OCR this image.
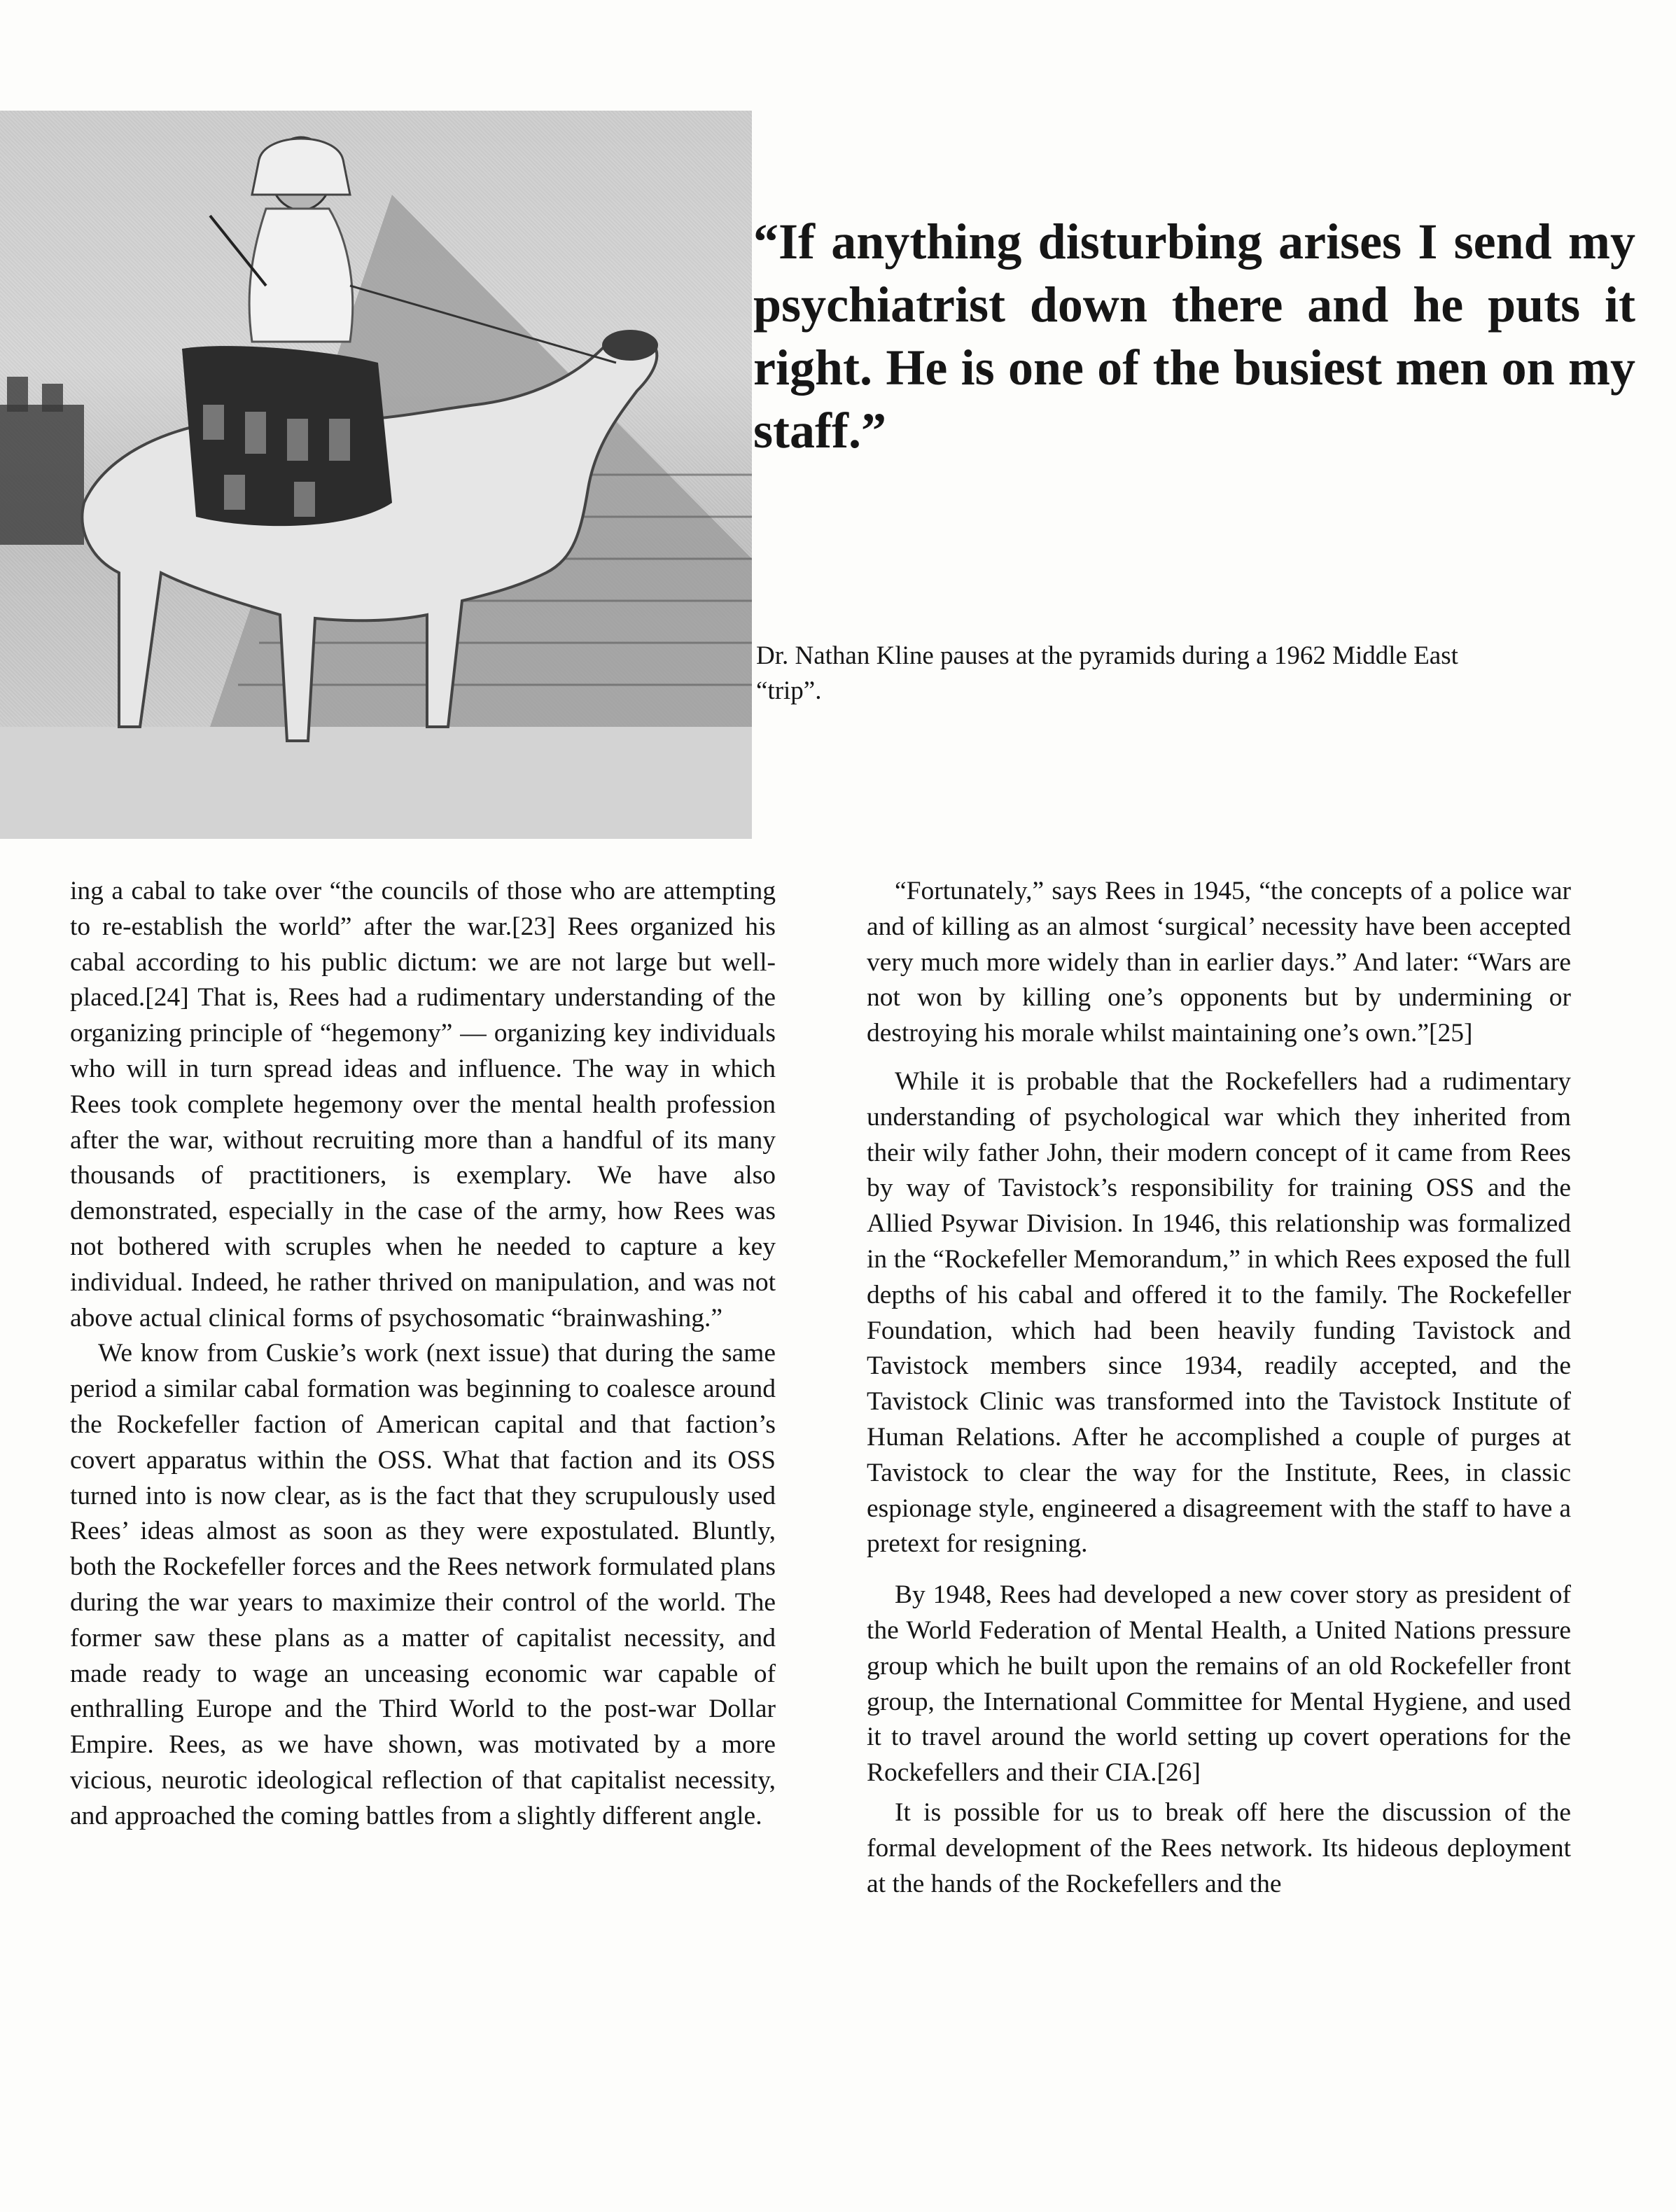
“If anything disturbing arises I send my psychiatrist down there and he puts it right. He is one of the busiest men on my staff.”

Dr. Nathan Kline pauses at the pyramids during a 1962 Middle East “trip”.

ing a cabal to take over “the councils of those who are attempting to re-establish the world” after the war.[23] Rees organized his cabal according to his public dictum: we are not large but well-placed.[24] That is, Rees had a rudimentary understanding of the organizing principle of “hegemony” — organizing key individuals who will in turn spread ideas and influence. The way in which Rees took complete hegemony over the mental health profession after the war, without recruiting more than a handful of its many thousands of practitioners, is exemplary. We have also demonstrated, especially in the case of the army, how Rees was not bothered with scruples when he needed to capture a key individual. Indeed, he rather thrived on manipulation, and was not above actual clinical forms of psychosomatic “brainwashing.”

We know from Cuskie’s work (next issue) that during the same period a similar cabal formation was beginning to coalesce around the Rockefeller faction of American capital and that faction’s covert apparatus within the OSS. What that faction and its OSS turned into is now clear, as is the fact that they scrupulously used Rees’ ideas almost as soon as they were expostulated. Bluntly, both the Rockefeller forces and the Rees network formulated plans during the war years to maximize their control of the world. The former saw these plans as a matter of capitalist necessity, and made ready to wage an unceasing economic war capable of enthralling Europe and the Third World to the post-war Dollar Empire. Rees, as we have shown, was motivated by a more vicious, neurotic ideological reflection of that capitalist necessity, and approached the coming battles from a slightly different angle.

“Fortunately,” says Rees in 1945, “the concepts of a police war and of killing as an almost ‘surgical’ necessity have been accepted very much more widely than in earlier days.” And later: “Wars are not won by killing one’s opponents but by undermining or destroying his morale whilst maintaining one’s own.”[25]

While it is probable that the Rockefellers had a rudimentary understanding of psychological war which they inherited from their wily father John, their modern concept of it came from Rees by way of Tavistock’s responsibility for training OSS and the Allied Psywar Division. In 1946, this relationship was formalized in the “Rockefeller Memorandum,” in which Rees exposed the full depths of his cabal and offered it to the family. The Rockefeller Foundation, which had been heavily funding Tavistock and Tavistock members since 1934, readily accepted, and the Tavistock Clinic was transformed into the Tavistock Institute of Human Relations. After he accomplished a couple of purges at Tavistock to clear the way for the Institute, Rees, in classic espionage style, engineered a disagreement with the staff to have a pretext for resigning.

By 1948, Rees had developed a new cover story as president of the World Federation of Mental Health, a United Nations pressure group which he built upon the remains of an old Rockefeller front group, the International Committee for Mental Hygiene, and used it to travel around the world setting up covert operations for the Rockefellers and their CIA.[26]

It is possible for us to break off here the discussion of the formal development of the Rees network. Its hideous deployment at the hands of the Rockefellers and the
